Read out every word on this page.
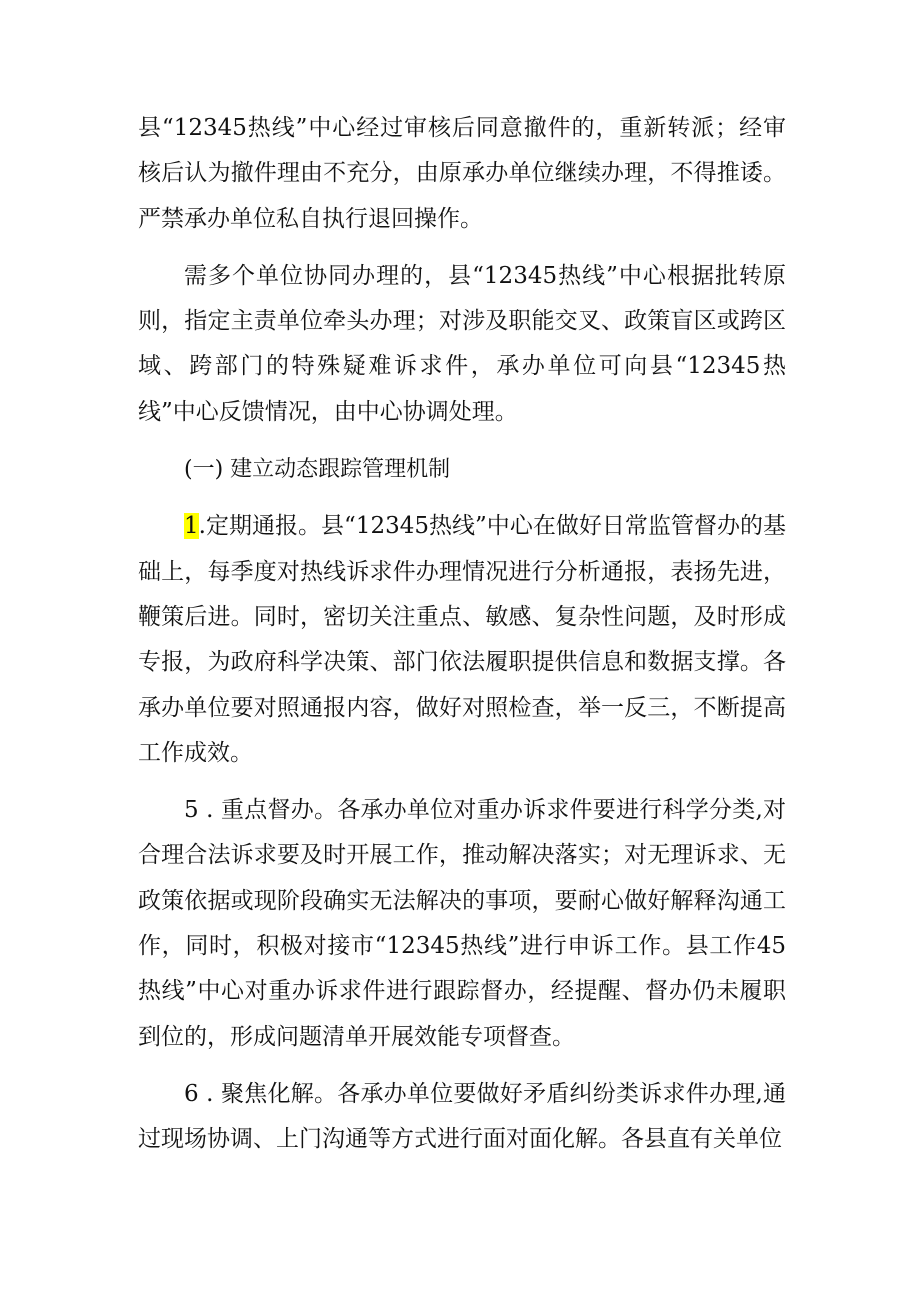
县“12345热线”中心经过审核后同意撤件的，重新转派；经审核后认为撤件理由不充分，由原承办单位继续办理，不得推诿。严禁承办单位私自执行退回操作。

需多个单位协同办理的，县“12345热线”中心根据批转原则，指定主责单位牵头办理；对涉及职能交叉、政策盲区或跨区域、跨部门的特殊疑难诉求件，承办单位可向县“12345热线”中心反馈情况，由中心协调处理。

(一) 建立动态跟踪管理机制

1.定期通报。县“12345热线”中心在做好日常监管督办的基础上，每季度对热线诉求件办理情况进行分析通报，表扬先进，鞭策后进。同时，密切关注重点、敏感、复杂性问题，及时形成专报，为政府科学决策、部门依法履职提供信息和数据支撑。各承办单位要对照通报内容，做好对照检查，举一反三，不断提高工作成效。

5 . 重点督办。各承办单位对重办诉求件要进行科学分类,对合理合法诉求要及时开展工作，推动解决落实；对无理诉求、无政策依据或现阶段确实无法解决的事项，要耐心做好解释沟通工作，同时，积极对接市“12345热线”进行申诉工作。县工作45热线”中心对重办诉求件进行跟踪督办，经提醒、督办仍未履职到位的，形成问题清单开展效能专项督查。

6 . 聚焦化解。各承办单位要做好矛盾纠纷类诉求件办理,通过现场协调、上门沟通等方式进行面对面化解。各县直有关单位
